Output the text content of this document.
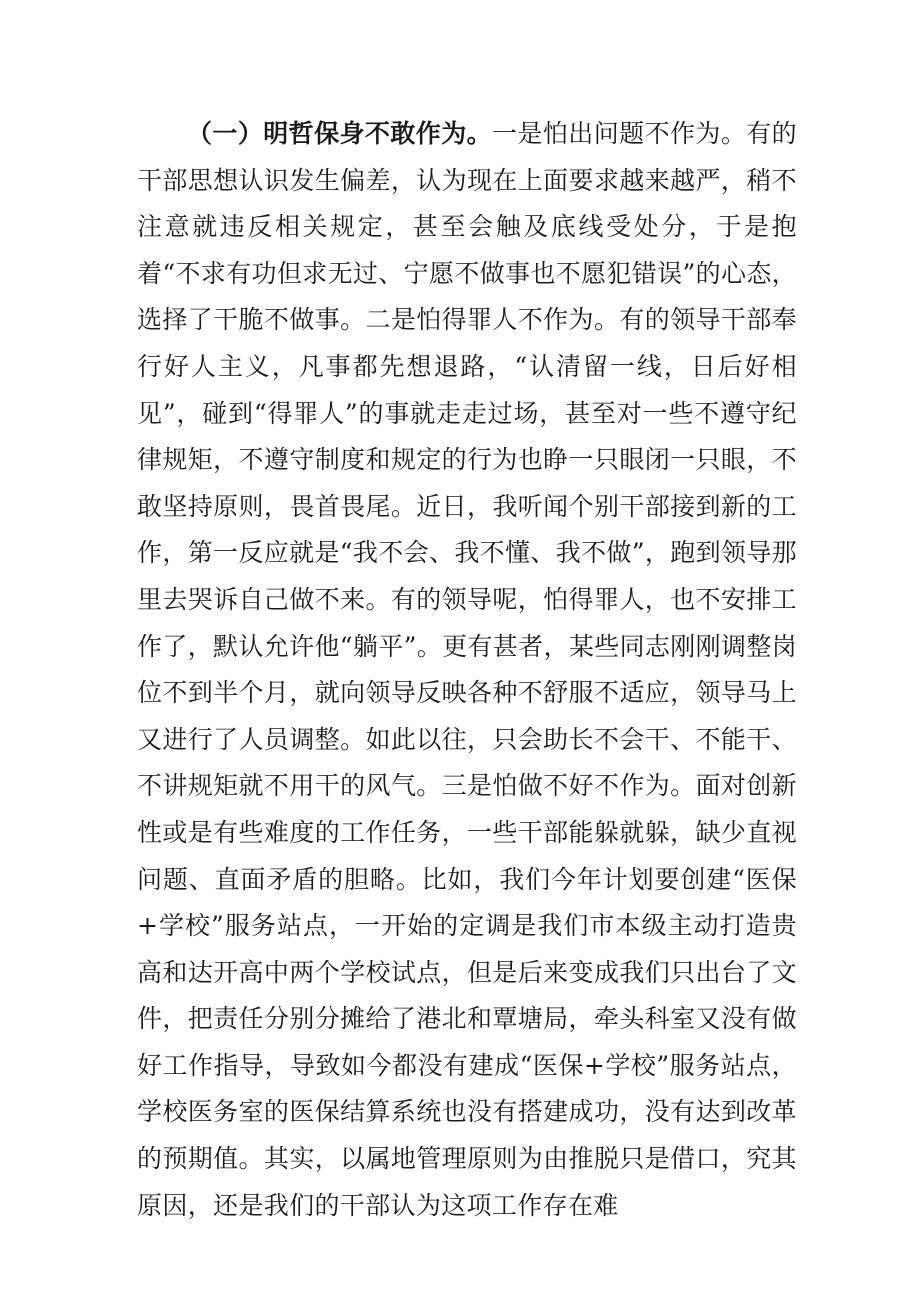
（一）明哲保身不敢作为。一是怕出问题不作为。有的干部思想认识发生偏差，认为现在上面要求越来越严，稍不注意就违反相关规定，甚至会触及底线受处分，于是抱着“不求有功但求无过、宁愿不做事也不愿犯错误”的心态，选择了干脆不做事。二是怕得罪人不作为。有的领导干部奉行好人主义，凡事都先想退路，“认清留一线，日后好相见”，碰到“得罪人”的事就走走过场，甚至对一些不遵守纪律规矩，不遵守制度和规定的行为也睁一只眼闭一只眼，不敢坚持原则，畏首畏尾。近日，我听闻个别干部接到新的工作，第一反应就是“我不会、我不懂、我不做”，跑到领导那里去哭诉自己做不来。有的领导呢，怕得罪人，也不安排工作了，默认允许他“躺平”。更有甚者，某些同志刚刚调整岗位不到半个月，就向领导反映各种不舒服不适应，领导马上又进行了人员调整。如此以往，只会助长不会干、不能干、不讲规矩就不用干的风气。三是怕做不好不作为。面对创新性或是有些难度的工作任务，一些干部能躲就躲，缺少直视问题、直面矛盾的胆略。比如，我们今年计划要创建“医保+学校”服务站点，一开始的定调是我们市本级主动打造贵高和达开高中两个学校试点，但是后来变成我们只出台了文件，把责任分别分摊给了港北和覃塘局，牵头科室又没有做好工作指导，导致如今都没有建成“医保+学校”服务站点，学校医务室的医保结算系统也没有搭建成功，没有达到改革的预期值。其实，以属地管理原则为由推脱只是借口，究其原因，还是我们的干部认为这项工作存在难
